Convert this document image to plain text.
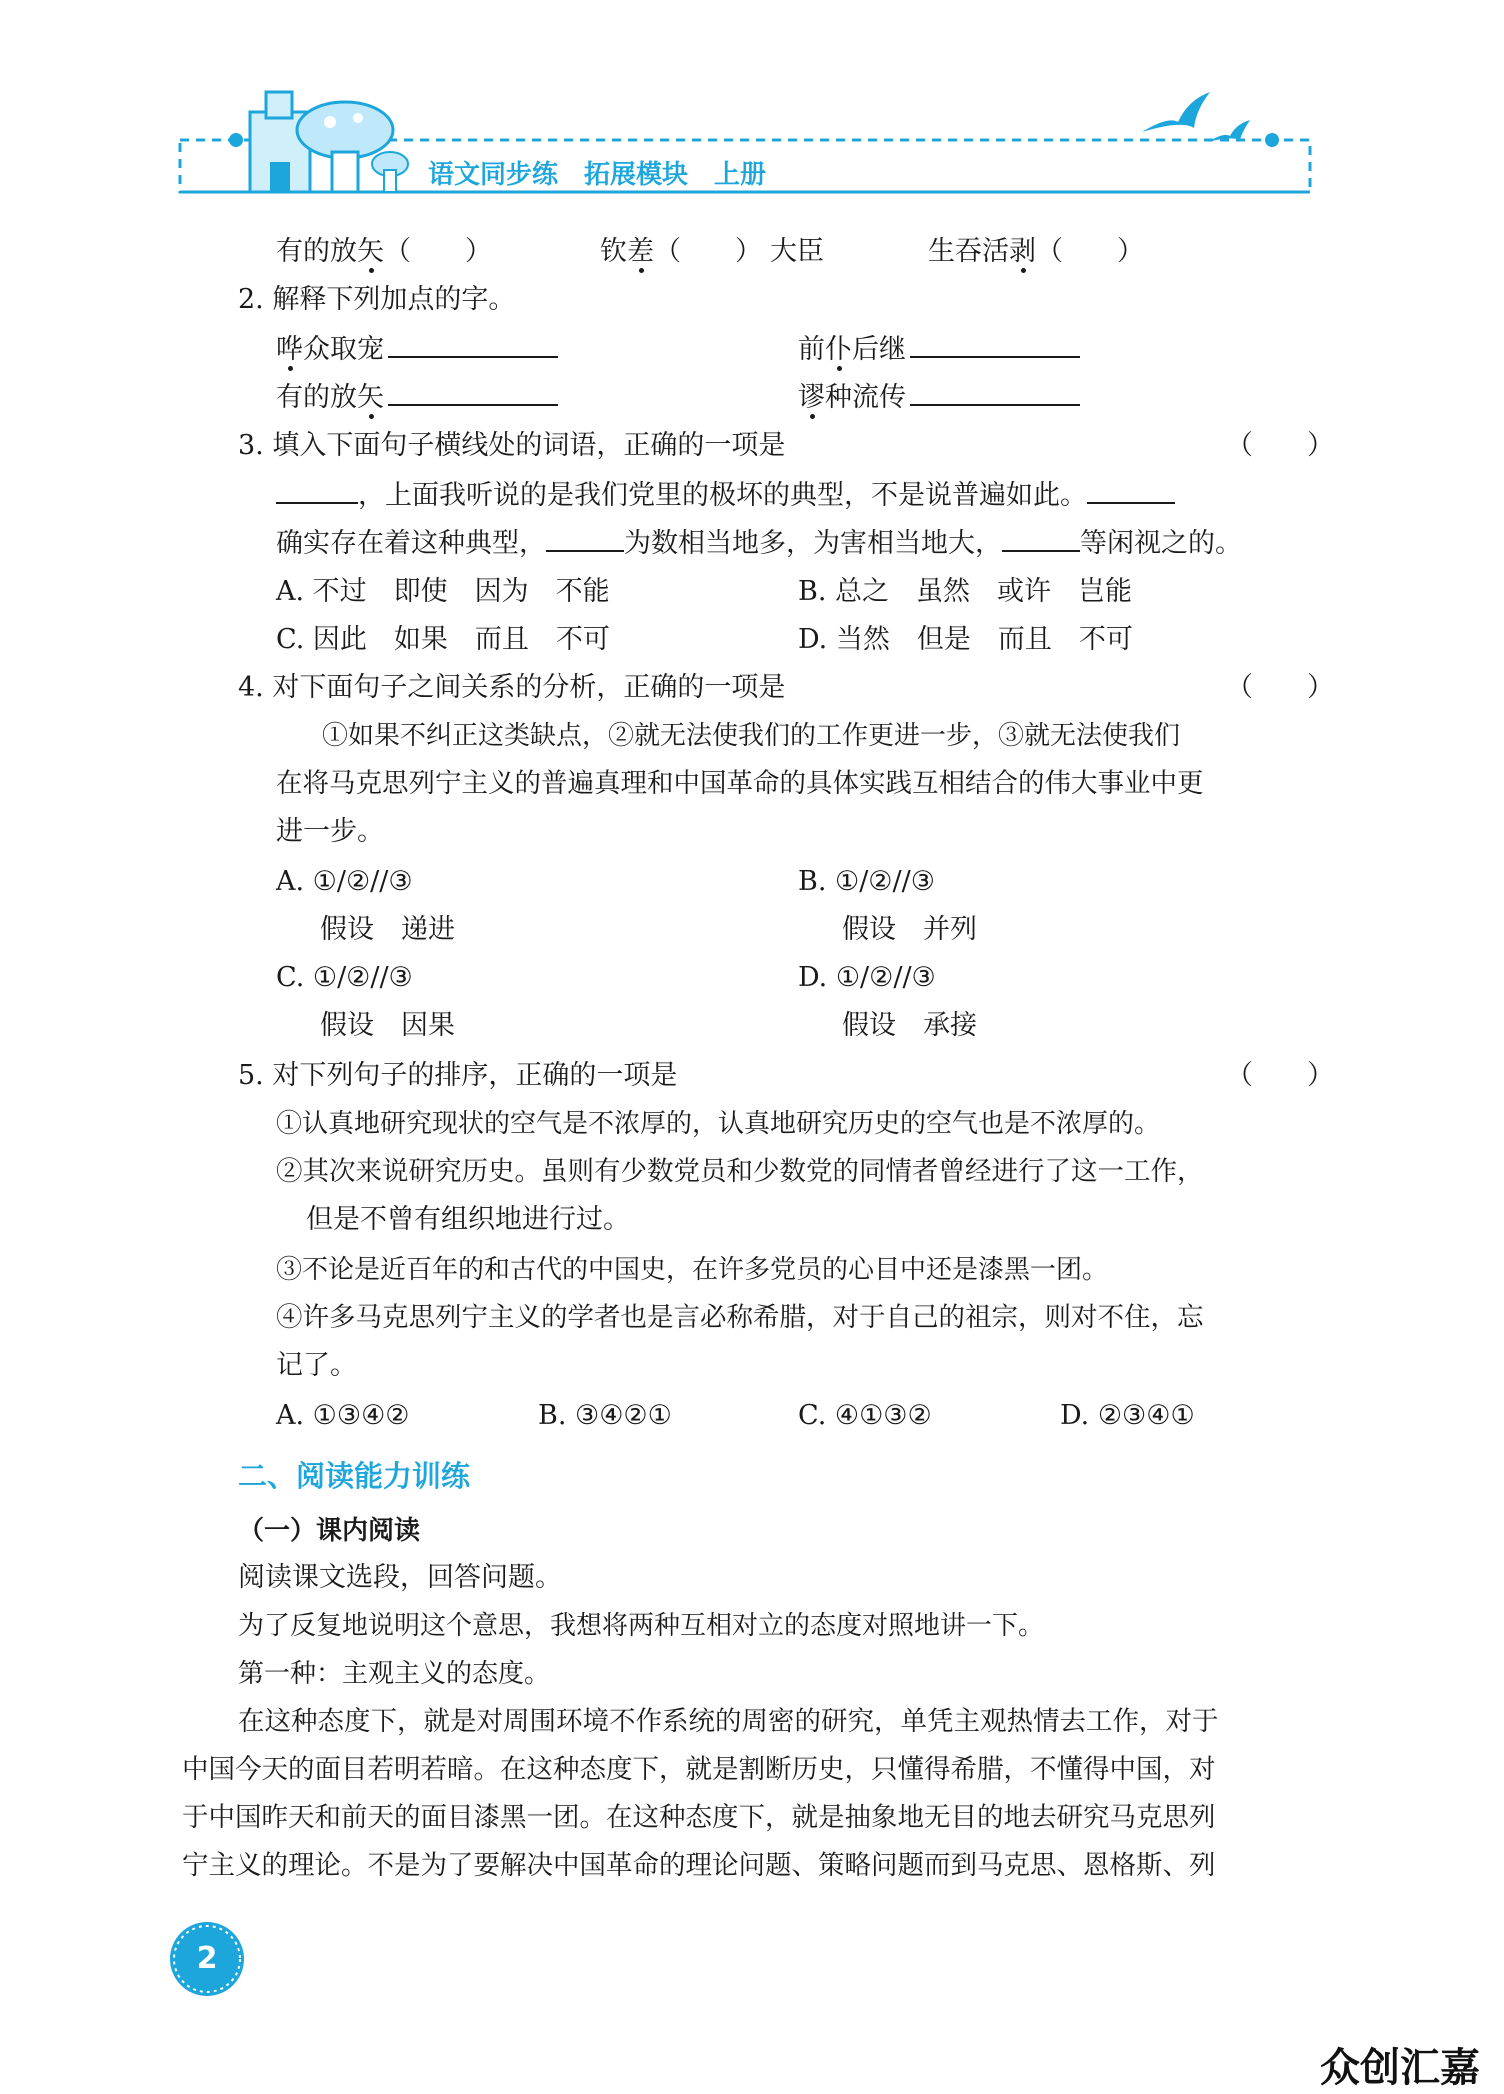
语文同步练　拓展模块　上册
有的放矢（　　）	钦差（　　） 大臣	生吞活剥（　　）
2. 解释下列加点的字。
哗众取宠	前仆后继
有的放矢	谬种流传
3. 填入下面句子横线处的词语，正确的一项是	（　　）
，上面我听说的是我们党里的极坏的典型，不是说普遍如此。
确实存在着这种典型，	为数相当地多，为害相当地大，	等闲视之的。
A. 不过　即使　因为　不能	B. 总之　虽然　或许　岂能
C. 因此　如果　而且　不可	D. 当然　但是　而且　不可
4. 对下面句子之间关系的分析，正确的一项是	（　　）
①如果不纠正这类缺点，②就无法使我们的工作更进一步，③就无法使我们
在将马克思列宁主义的普遍真理和中国革命的具体实践互相结合的伟大事业中更
进一步。
A. ①/②//③
假设　递进
B. ①/②//③
假设　并列
C. ①/②//③
假设　因果
D. ①/②//③
假设　承接
5. 对下列句子的排序，正确的一项是	（　　）
①认真地研究现状的空气是不浓厚的，认真地研究历史的空气也是不浓厚的。
②其次来说研究历史。虽则有少数党员和少数党的同情者曾经进行了这一工作，
但是不曾有组织地进行过。
③不论是近百年的和古代的中国史，在许多党员的心目中还是漆黑一团。
④许多马克思列宁主义的学者也是言必称希腊，对于自己的祖宗，则对不住，忘
记了。
A. ①③④②	B. ③④②①	C. ④①③②	D. ②③④①
二、阅读能力训练
（一）课内阅读
阅读课文选段，回答问题。
为了反复地说明这个意思，我想将两种互相对立的态度对照地讲一下。
第一种：主观主义的态度。
在这种态度下，就是对周围环境不作系统的周密的研究，单凭主观热情去工作，对于
中国今天的面目若明若暗。在这种态度下，就是割断历史，只懂得希腊，不懂得中国，对
于中国昨天和前天的面目漆黑一团。在这种态度下，就是抽象地无目的地去研究马克思列
宁主义的理论。不是为了要解决中国革命的理论问题、策略问题而到马克思、恩格斯、列
2
众创汇嘉
